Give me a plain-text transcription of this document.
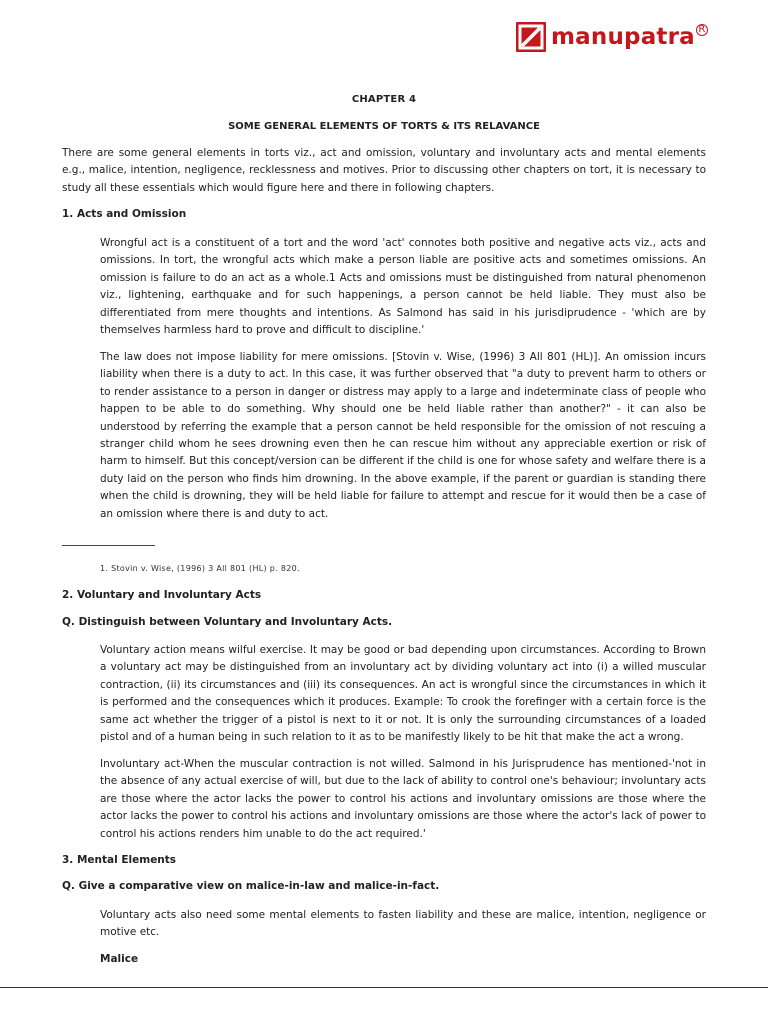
manupatra R
CHAPTER 4
SOME GENERAL ELEMENTS OF TORTS & ITS RELAVANCE
There are some general elements in torts viz., act and omission, voluntary and involuntary acts and mental elements e.g., malice, intention, negligence, recklessness and motives. Prior to discussing other chapters on tort, it is necessary to study all these essentials which would figure here and there in following chapters.
1. Acts and Omission
Wrongful act is a constituent of a tort and the word 'act' connotes both positive and negative acts viz., acts and omissions. In tort, the wrongful acts which make a person liable are positive acts and sometimes omissions. An omission is failure to do an act as a whole.1 Acts and omissions must be distinguished from natural phenomenon viz., lightening, earthquake and for such happenings, a person cannot be held liable. They must also be differentiated from mere thoughts and intentions. As Salmond has said in his jurisdiprudence - 'which are by themselves harmless hard to prove and difficult to discipline.'
The law does not impose liability for mere omissions. [Stovin v. Wise, (1996) 3 All 801 (HL)]. An omission incurs liability when there is a duty to act. In this case, it was further observed that "a duty to prevent harm to others or to render assistance to a person in danger or distress may apply to a large and indeterminate class of people who happen to be able to do something. Why should one be held liable rather than another?" - it can also be understood by referring the example that a person cannot be held responsible for the omission of not rescuing a stranger child whom he sees drowning even then he can rescue him without any appreciable exertion or risk of harm to himself. But this concept/version can be different if the child is one for whose safety and welfare there is a duty laid on the person who finds him drowning. In the above example, if the parent or guardian is standing there when the child is drowning, they will be held liable for failure to attempt and rescue for it would then be a case of an omission where there is and duty to act.
1. Stovin v. Wise, (1996) 3 All 801 (HL) p. 820.
2. Voluntary and Involuntary Acts
Q. Distinguish between Voluntary and Involuntary Acts.
Voluntary action means wilful exercise. It may be good or bad depending upon circumstances. According to Brown a voluntary act may be distinguished from an involuntary act by dividing voluntary act into (i) a willed muscular contraction, (ii) its circumstances and (iii) its consequences. An act is wrongful since the circumstances in which it is performed and the consequences which it produces. Example: To crook the forefinger with a certain force is the same act whether the trigger of a pistol is next to it or not. It is only the surrounding circumstances of a loaded pistol and of a human being in such relation to it as to be manifestly likely to be hit that make the act a wrong.
Involuntary act-When the muscular contraction is not willed. Salmond in his Jurisprudence has mentioned-'not in the absence of any actual exercise of will, but due to the lack of ability to control one's behaviour; involuntary acts are those where the actor lacks the power to control his actions and involuntary omissions are those where the actor lacks the power to control his actions and involuntary omissions are those where the actor's lack of power to control his actions renders him unable to do the act required.'
3. Mental Elements
Q. Give a comparative view on malice-in-law and malice-in-fact.
Voluntary acts also need some mental elements to fasten liability and these are malice, intention, negligence or motive etc.
Malice
